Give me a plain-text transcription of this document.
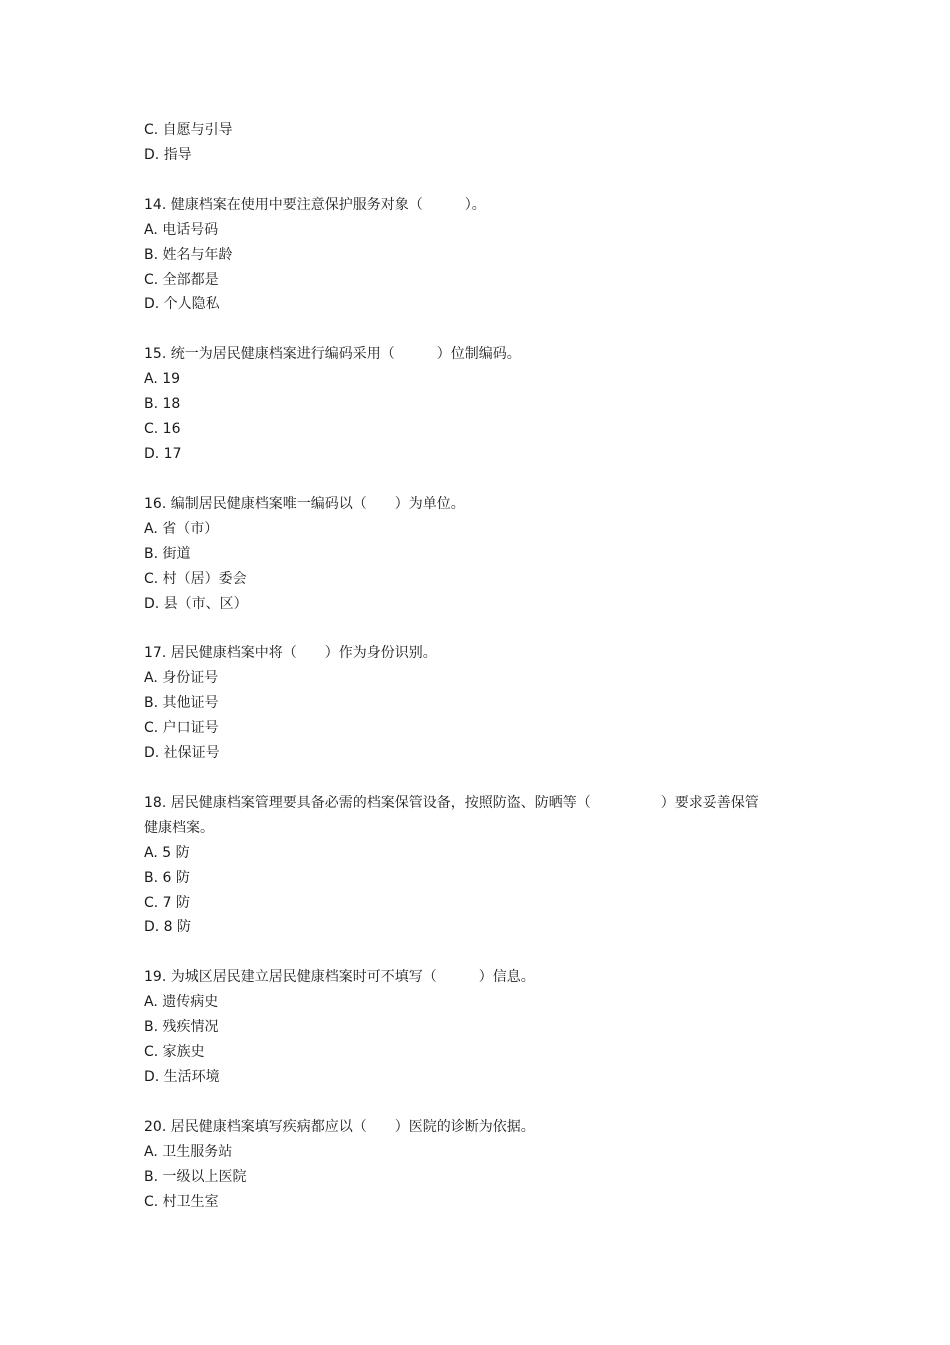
C. 自愿与引导

D. 指导

14. 健康档案在使用中要注意保护服务对象（　　　）。

A. 电话号码

B. 姓名与年龄

C. 全部都是

D. 个人隐私

15. 统一为居民健康档案进行编码采用（　　　）位制编码。

A. 19

B. 18

C. 16

D. 17

16. 编制居民健康档案唯一编码以（　　）为单位。

A. 省（市）

B. 街道

C. 村（居）委会

D. 县（市、区）

17. 居民健康档案中将（　　）作为身份识别。

A. 身份证号

B. 其他证号

C. 户口证号

D. 社保证号

18. 居民健康档案管理要具备必需的档案保管设备，按照防盗、防晒等（　　　　　）要求妥善保管

健康档案。

A. 5 防

B. 6 防

C. 7 防

D. 8 防

19. 为城区居民建立居民健康档案时可不填写（　　　）信息。

A. 遗传病史

B. 残疾情况

C. 家族史

D. 生活环境

20. 居民健康档案填写疾病都应以（　　）医院的诊断为依据。

A. 卫生服务站

B. 一级以上医院

C. 村卫生室
